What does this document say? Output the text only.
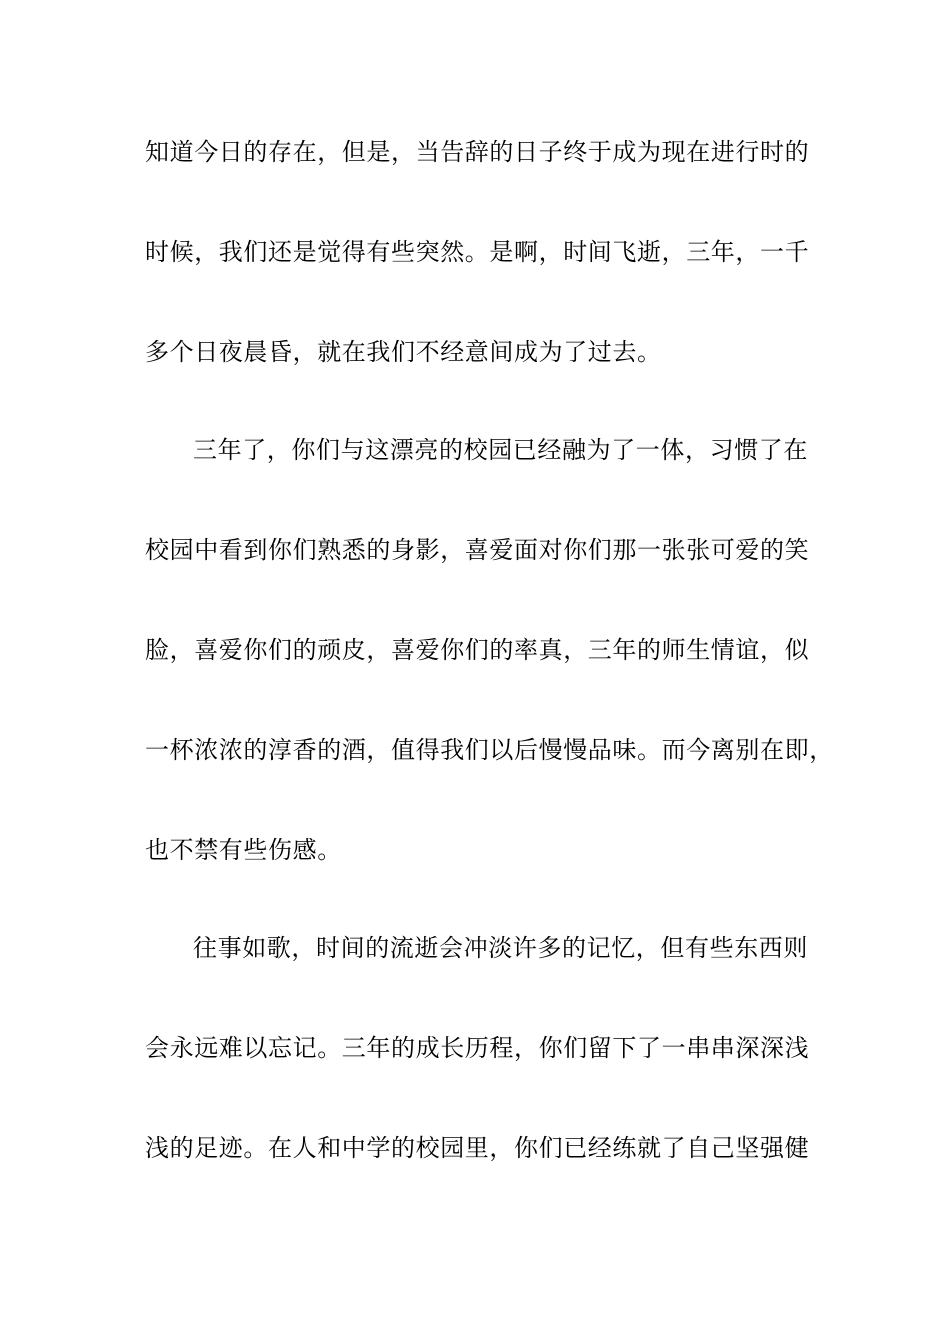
知道今日的存在，但是，当告辞的日子终于成为现在进行时的
时候，我们还是觉得有些突然。是啊，时间飞逝，三年，一千
多个日夜晨昏，就在我们不经意间成为了过去。
三年了，你们与这漂亮的校园已经融为了一体，习惯了在
校园中看到你们熟悉的身影，喜爱面对你们那一张张可爱的笑
脸，喜爱你们的顽皮，喜爱你们的率真，三年的师生情谊，似
一杯浓浓的淳香的酒，值得我们以后慢慢品味。而今离别在即，
也不禁有些伤感。
往事如歌，时间的流逝会冲淡许多的记忆，但有些东西则
会永远难以忘记。三年的成长历程，你们留下了一串串深深浅
浅的足迹。在人和中学的校园里，你们已经练就了自己坚强健
